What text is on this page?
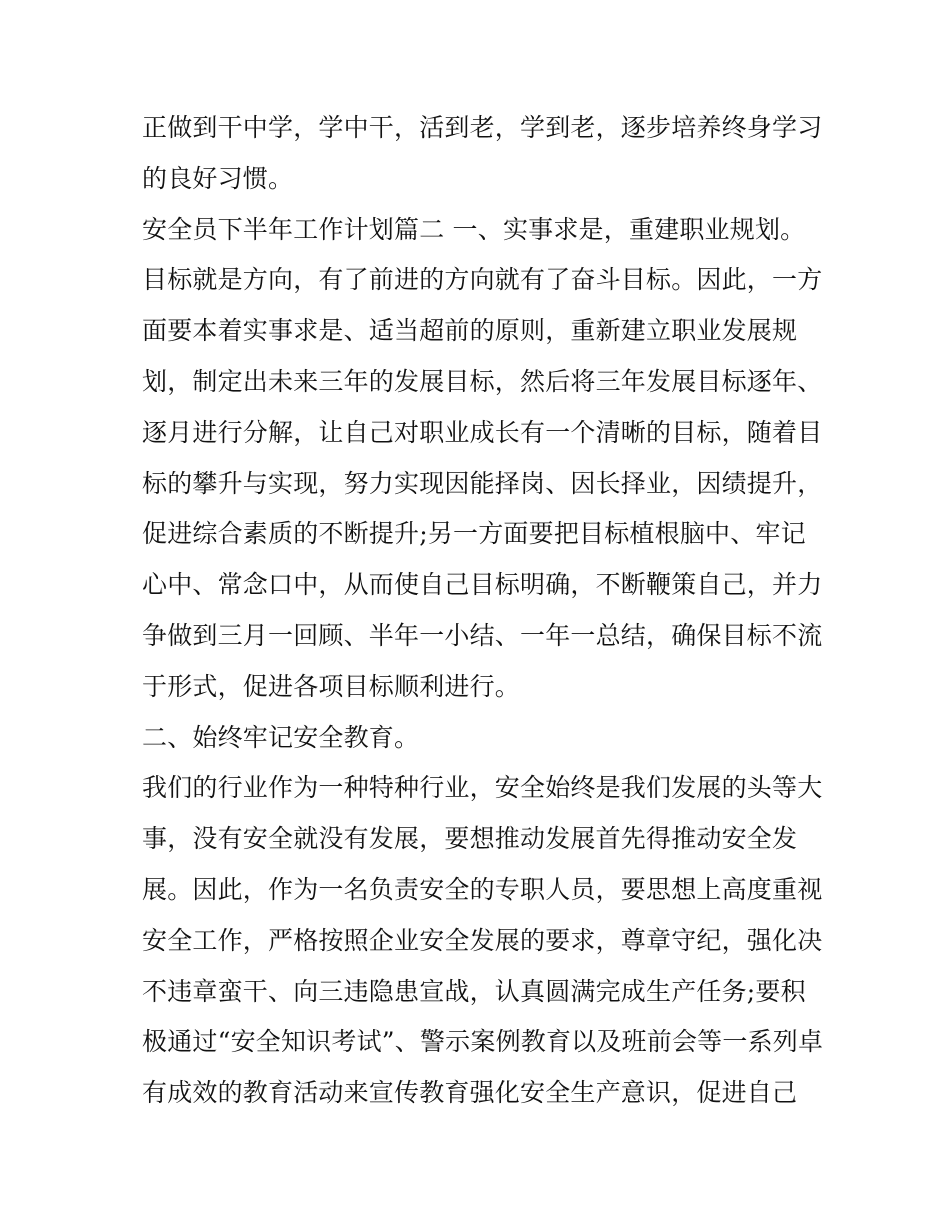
正做到干中学，学中干，活到老，学到老，逐步培养终身学习
的良好习惯。
安全员下半年工作计划篇二 一、实事求是，重建职业规划。
目标就是方向，有了前进的方向就有了奋斗目标。因此，一方
面要本着实事求是、适当超前的原则，重新建立职业发展规
划，制定出未来三年的发展目标，然后将三年发展目标逐年、
逐月进行分解，让自己对职业成长有一个清晰的目标，随着目
标的攀升与实现，努力实现因能择岗、因长择业，因绩提升，
促进综合素质的不断提升;另一方面要把目标植根脑中、牢记
心中、常念口中，从而使自己目标明确，不断鞭策自己，并力
争做到三月一回顾、半年一小结、一年一总结，确保目标不流
于形式，促进各项目标顺利进行。
二、始终牢记安全教育。
我们的行业作为一种特种行业，安全始终是我们发展的头等大
事，没有安全就没有发展，要想推动发展首先得推动安全发
展。因此，作为一名负责安全的专职人员，要思想上高度重视
安全工作，严格按照企业安全发展的要求，尊章守纪，强化决
不违章蛮干、向三违隐患宣战，认真圆满完成生产任务;要积
极通过“安全知识考试”、警示案例教育以及班前会等一系列卓
有成效的教育活动来宣传教育强化安全生产意识，促进自己
